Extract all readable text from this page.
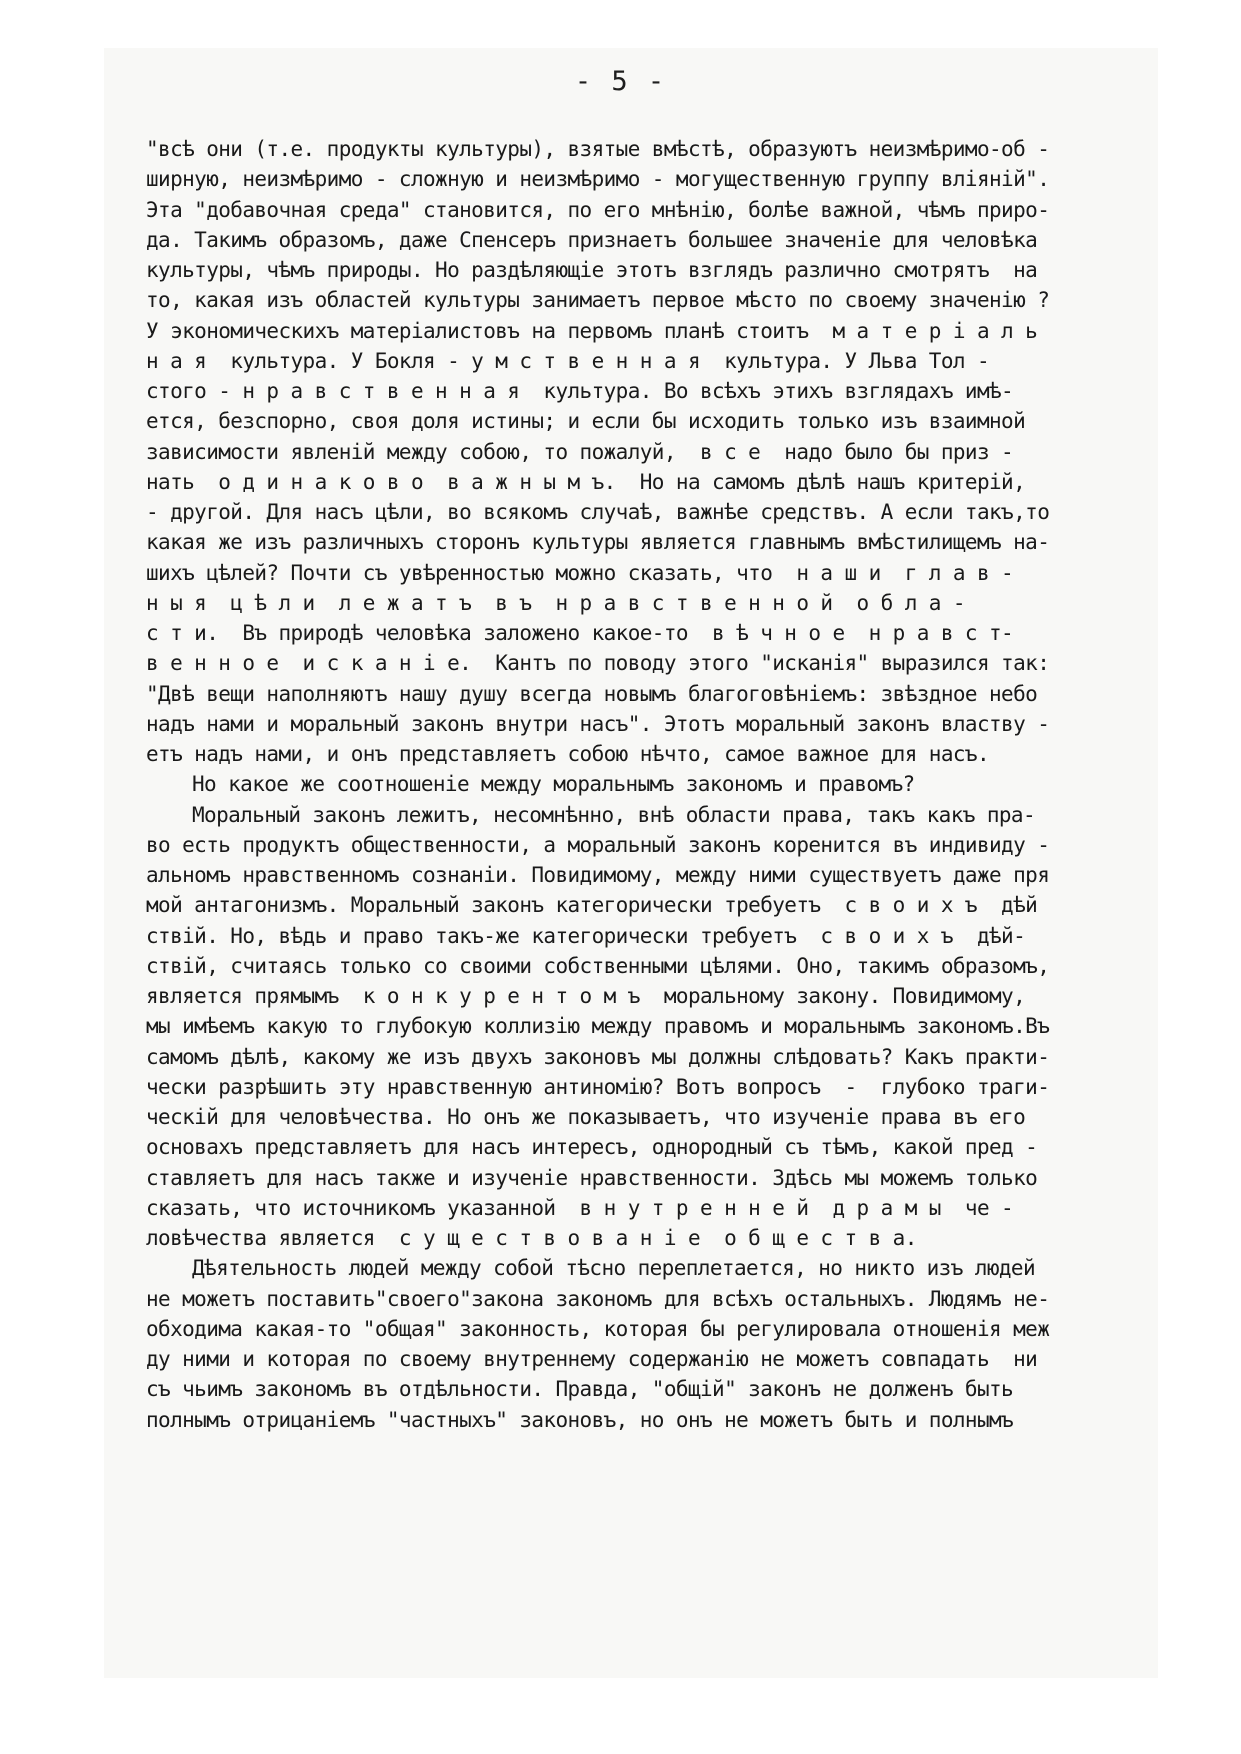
- 5 -
"всѣ они (т.е. продукты культуры), взятые вмѣстѣ, образуютъ неизмѣримо-об -
ширную, неизмѣримо - сложную и неизмѣримо - могущественную группу вліяній".
Эта "добавочная среда" становится, по его мнѣнію, болѣе важной, чѣмъ приро-
да. Такимъ образомъ, даже Спенсеръ признаетъ большее значеніе для человѣка
культуры, чѣмъ природы. Но раздѣляющіе этотъ взглядъ различно смотрятъ  на
то, какая изъ областей культуры занимаетъ первое мѣсто по своему значенію ?
У экономическихъ матеріалистовъ на первомъ планѣ стоитъ  м а т е р і а л ь
н а я  культура. У Бокля - у м с т в е н н а я  культура. У Льва Тол -
стого - н р а в с т в е н н а я  культура. Во всѣхъ этихъ взглядахъ имѣ-
ется, безспорно, своя доля истины; и если бы исходить только изъ взаимной
зависимости явленій между собою, то пожалуй,  в с е  надо было бы приз -
нать  о д и н а к о в о  в а ж н ы м ъ.  Но на самомъ дѣлѣ нашъ критерій,
- другой. Для насъ цѣли, во всякомъ случаѣ, важнѣе средствъ. А если такъ,то
какая же изъ различныхъ сторонъ культуры является главнымъ вмѣстилищемъ на-
шихъ цѣлей? Почти съ увѣренностью можно сказать, что  н а ш и  г л а в -
н ы я  ц ѣ л и  л е ж а т ъ  в ъ  н р а в с т в е н н о й  о б л а -
с т и.  Въ природѣ человѣка заложено какое-то  в ѣ ч н о е  н р а в с т-
в е н н о е  и с к а н і е.  Кантъ по поводу этого "исканія" выразился так:
"Двѣ вещи наполняютъ нашу душу всегда новымъ благоговѣніемъ: звѣздное небо
надъ нами и моральный законъ внутри насъ". Этотъ моральный законъ властву -
етъ надъ нами, и онъ представляетъ собою нѣчто, самое важное для насъ.
Но какое же соотношеніе между моральнымъ закономъ и правомъ?
Моральный законъ лежитъ, несомнѣнно, внѣ области права, такъ какъ пра-
во есть продуктъ общественности, а моральный законъ коренится въ индивиду -
альномъ нравственномъ сознаніи. Повидимому, между ними существуетъ даже пря
мой антагонизмъ. Моральный законъ категорически требуетъ  с в о и х ъ  дѣй
ствій. Но, вѣдь и право такъ-же категорически требуетъ  с в о и х ъ  дѣй-
ствій, считаясь только со своими собственными цѣлями. Оно, такимъ образомъ,
является прямымъ  к о н к у р е н т о м ъ  моральному закону. Повидимому,
мы имѣемъ какую то глубокую коллизію между правомъ и моральнымъ закономъ.Въ
самомъ дѣлѣ, какому же изъ двухъ законовъ мы должны слѣдовать? Какъ практи-
чески разрѣшить эту нравственную антиномію? Вотъ вопросъ  -  глубоко траги-
ческій для человѣчества. Но онъ же показываетъ, что изученіе права въ его
основахъ представляетъ для насъ интересъ, однородный съ тѣмъ, какой пред -
ставляетъ для насъ также и изученіе нравственности. Здѣсь мы можемъ только
сказать, что источникомъ указанной  в н у т р е н н е й  д р а м ы  че -
ловѣчества является  с у щ е с т в о в а н і е  о б щ е с т в а.
Дѣятельность людей между собой тѣсно переплетается, но никто изъ людей
не можетъ поставить"своего"закона закономъ для всѣхъ остальныхъ. Людямъ не-
обходима какая-то "общая" законность, которая бы регулировала отношенія меж
ду ними и которая по своему внутреннему содержанію не можетъ совпадать  ни
съ чьимъ закономъ въ отдѣльности. Правда, "общій" законъ не долженъ быть
полнымъ отрицаніемъ "частныхъ" законовъ, но онъ не можетъ быть и полнымъ
